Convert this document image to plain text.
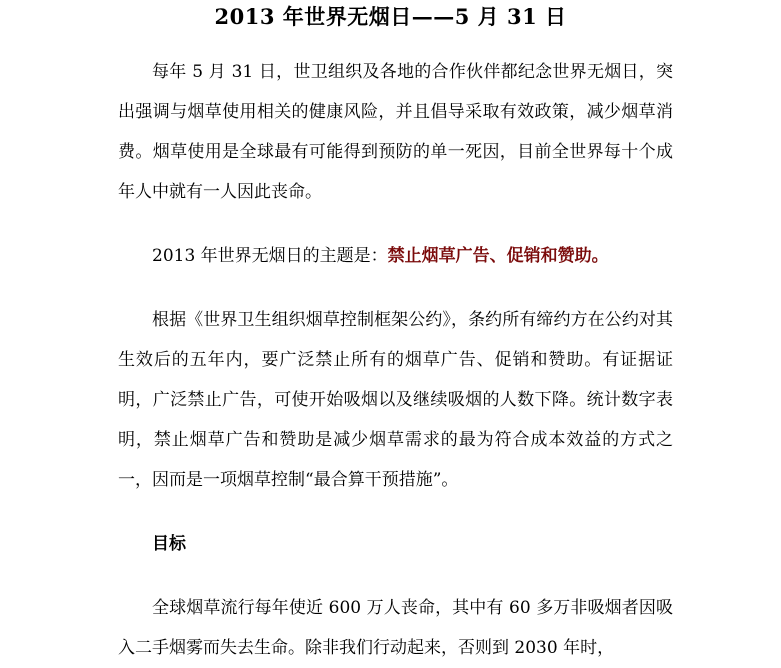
2013 年世界无烟日——5 月 31 日

每年 5 月 31 日，世卫组织及各地的合作伙伴都纪念世界无烟日，突出强调与烟草使用相关的健康风险，并且倡导采取有效政策，减少烟草消费。烟草使用是全球最有可能得到预防的单一死因，目前全世界每十个成年人中就有一人因此丧命。

2013 年世界无烟日的主题是：禁止烟草广告、促销和赞助。

根据《世界卫生组织烟草控制框架公约》，条约所有缔约方在公约对其生效后的五年内，要广泛禁止所有的烟草广告、促销和赞助。有证据证明，广泛禁止广告，可使开始吸烟以及继续吸烟的人数下降。统计数字表明，禁止烟草广告和赞助是减少烟草需求的最为符合成本效益的方式之一，因而是一项烟草控制“最合算干预措施”。

目标

全球烟草流行每年使近 600 万人丧命，其中有 60 多万非吸烟者因吸入二手烟雾而失去生命。除非我们行动起来，否则到 2030 年时，
